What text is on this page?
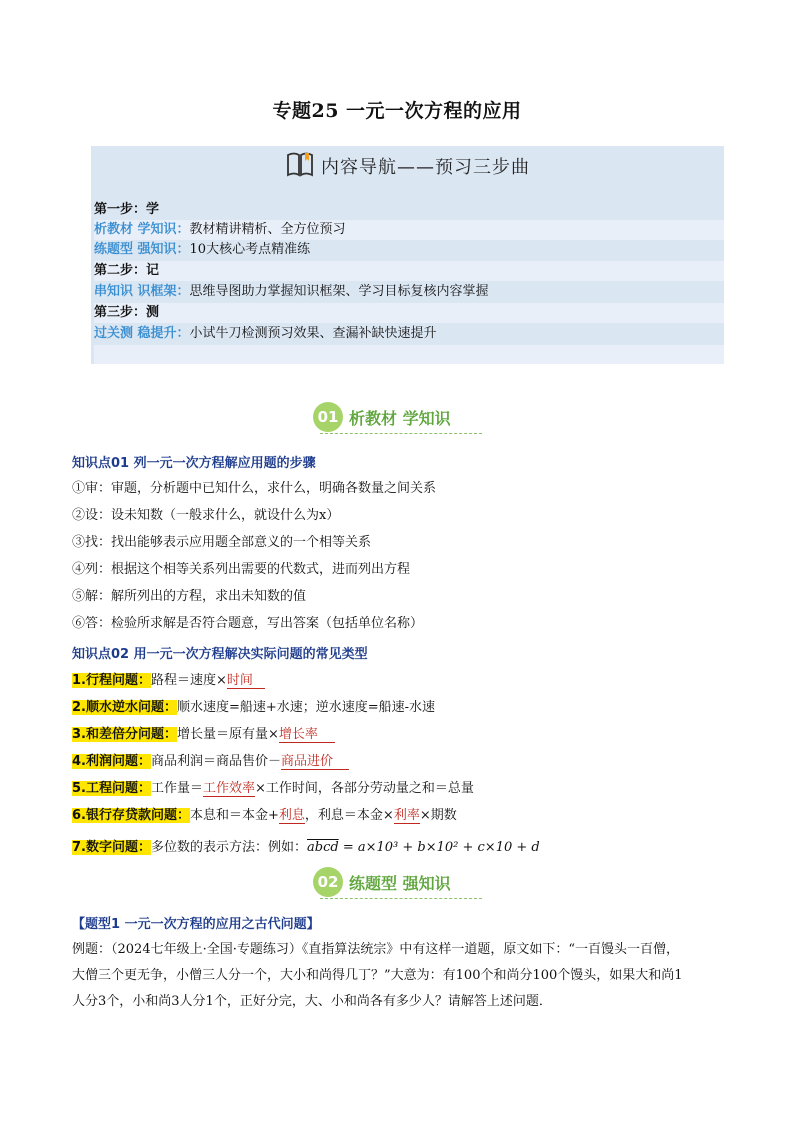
专题25 一元一次方程的应用
内容导航——预习三步曲
第一步：学
析教材 学知识：教材精讲精析、全方位预习
练题型 强知识：10大核心考点精准练
第二步：记
串知识 识框架：思维导图助力掌握知识框架、学习目标复核内容掌握
第三步：测
过关测 稳提升：小试牛刀检测预习效果、查漏补缺快速提升
01 析教材 学知识
知识点01 列一元一次方程解应用题的步骤
①审：审题，分析题中已知什么，求什么，明确各数量之间关系
②设：设未知数（一般求什么，就设什么为x）
③找：找出能够表示应用题全部意义的一个相等关系
④列：根据这个相等关系列出需要的代数式，进而列出方程
⑤解：解所列出的方程，求出未知数的值
⑥答：检验所求解是否符合题意，写出答案（包括单位名称）
知识点02 用一元一次方程解决实际问题的常见类型
1.行程问题：路程＝速度×时间
2.顺水逆水问题：顺水速度=船速+水速；逆水速度=船速-水速
3.和差倍分问题：增长量＝原有量×增长率
4.利润问题：商品利润＝商品售价－商品进价
5.工程问题：工作量＝工作效率×工作时间，各部分劳动量之和＝总量
6.银行存贷款问题：本息和＝本金+利息，利息＝本金×利率×期数
7.数字问题：多位数的表示方法：例如：abcd = a×10³ + b×10² + c×10 + d
02 练题型 强知识
【题型1 一元一次方程的应用之古代问题】
例题：（2024七年级上·全国·专题练习）《直指算法统宗》中有这样一道题，原文如下：“一百馒头一百僧，
大僧三个更无争，小僧三人分一个，大小和尚得几丁？”大意为：有100个和尚分100个馒头，如果大和尚1
人分3个，小和尚3人分1个，正好分完，大、小和尚各有多少人？请解答上述问题．
